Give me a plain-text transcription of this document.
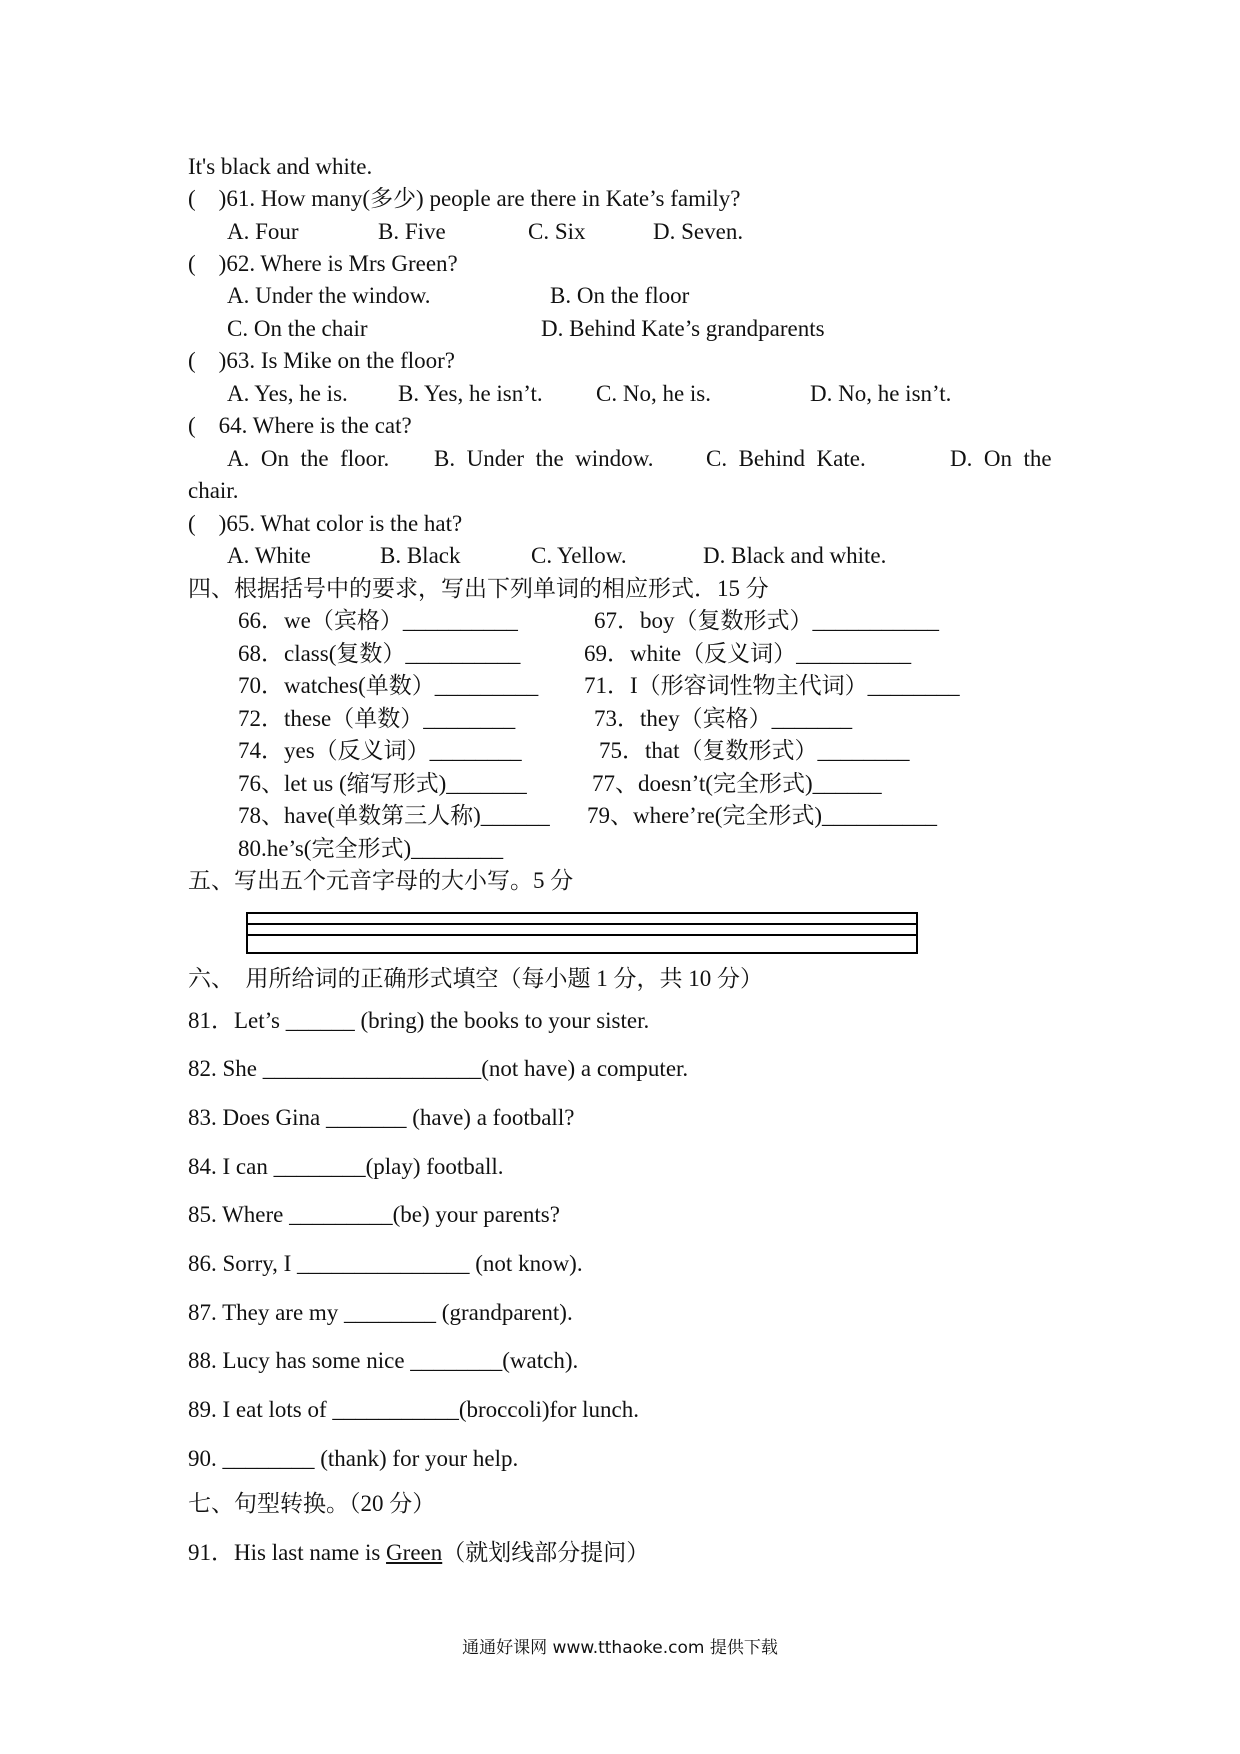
It's black and white.
(    )61. How many(多少) people are there in Kate’s family?
A. Four	B. Five	C. Six	D. Seven.
(    )62. Where is Mrs Green?
A. Under the window.	B. On the floor
C. On the chair	D. Behind Kate’s grandparents
(    )63. Is Mike on the floor?
A. Yes, he is. B. Yes, he isn’t. C. No, he is.	D. No, he isn’t.
(    64. Where is the cat?
A.  On  the  floor. B.  Under  the  window. C.  Behind  Kate.	D.  On  the
chair.
(    )65. What color is the hat?
A. White	B. Black	C. Yellow.	D. Black and white.
四、根据括号中的要求，写出下列单词的相应形式．15 分
66．we（宾格）__________	67．boy（复数形式）___________
68．class(复数）__________	69．white（反义词）__________
70．watches(单数）_________ 71．I（形容词性物主代词）________
72．these（单数）________	73．they（宾格）_______
74．yes（反义词）________	75．that（复数形式）________
76、let us (缩写形式)_______	77、doesn’t(完全形式)______
78、have(单数第三人称)______ 79、where’re(完全形式)__________
80.he’s(完全形式)________
五、写出五个元音字母的大小写。5 分
六、  用所给词的正确形式填空（每小题 1 分，共 10 分）
81．Let’s ______ (bring) the books to your sister.
82. She ___________________(not have) a computer.
83. Does Gina _______ (have) a football?
84. I can ________(play) football.
85. Where _________(be) your parents?
86. Sorry, I _______________ (not know).
87. They are my ________ (grandparent).
88. Lucy has some nice ________(watch).
89. I eat lots of ___________(broccoli)for lunch.
90. ________ (thank) for your help.
七、句型转换。（20 分）
91．His last name is Green（就划线部分提问）
通通好课网 www.tthaoke.com 提供下载
